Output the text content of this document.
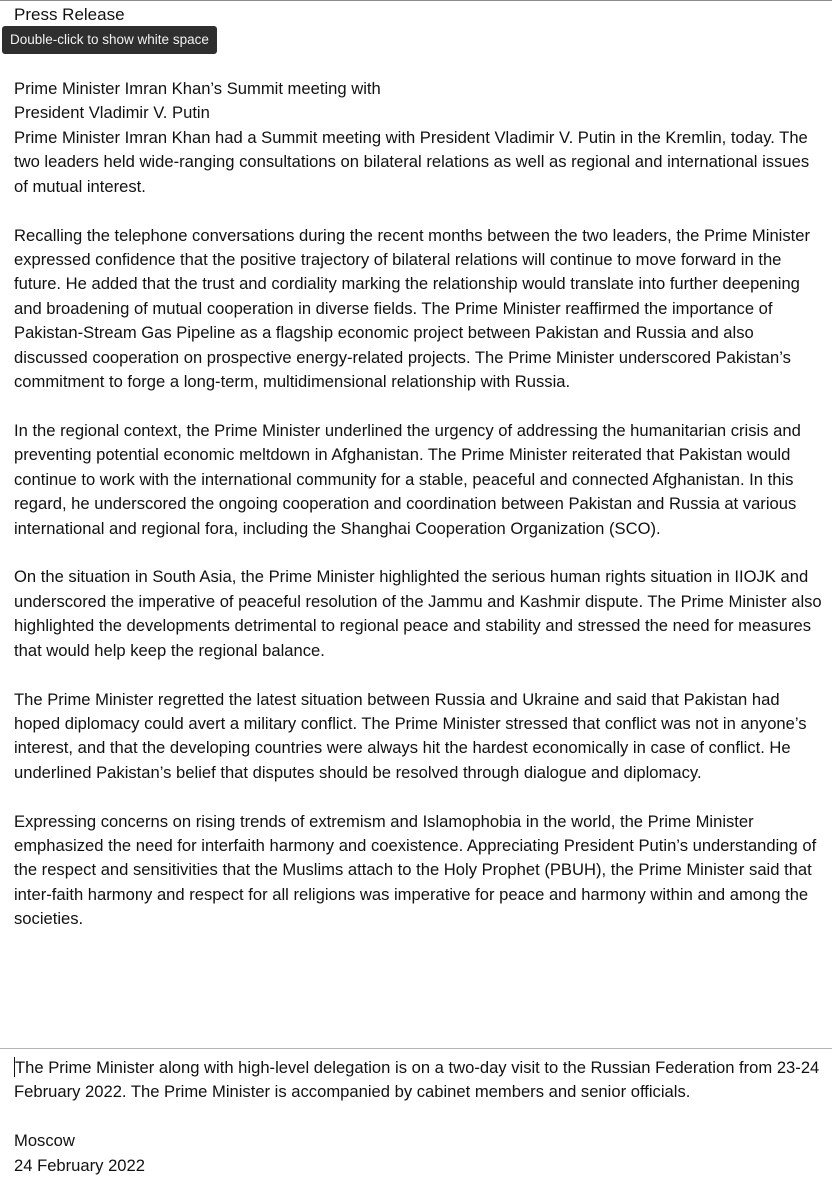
Press Release
Double-click to show white space

Prime Minister Imran Khan’s Summit meeting with

President Vladimir V. Putin

Prime Minister Imran Khan had a Summit meeting with President Vladimir V. Putin in the Kremlin, today. The two leaders held wide-ranging consultations on bilateral relations as well as regional and international issues of mutual interest.

Recalling the telephone conversations during the recent months between the two leaders, the Prime Minister expressed confidence that the positive trajectory of bilateral relations will continue to move forward in the future. He added that the trust and cordiality marking the relationship would translate into further deepening and broadening of mutual cooperation in diverse fields. The Prime Minister reaffirmed the importance of Pakistan-Stream Gas Pipeline as a flagship economic project between Pakistan and Russia and also discussed cooperation on prospective energy-related projects. The Prime Minister underscored Pakistan’s commitment to forge a long-term, multidimensional relationship with Russia.

In the regional context, the Prime Minister underlined the urgency of addressing the humanitarian crisis and preventing potential economic meltdown in Afghanistan. The Prime Minister reiterated that Pakistan would continue to work with the international community for a stable, peaceful and connected Afghanistan. In this regard, he underscored the ongoing cooperation and coordination between Pakistan and Russia at various international and regional fora, including the Shanghai Cooperation Organization (SCO).

On the situation in South Asia, the Prime Minister highlighted the serious human rights situation in IIOJK and underscored the imperative of peaceful resolution of the Jammu and Kashmir dispute. The Prime Minister also highlighted the developments detrimental to regional peace and stability and stressed the need for measures that would help keep the regional balance.

The Prime Minister regretted the latest situation between Russia and Ukraine and said that Pakistan had hoped diplomacy could avert a military conflict. The Prime Minister stressed that conflict was not in anyone’s interest, and that the developing countries were always hit the hardest economically in case of conflict. He underlined Pakistan’s belief that disputes should be resolved through dialogue and diplomacy.

Expressing concerns on rising trends of extremism and Islamophobia in the world, the Prime Minister emphasized the need for interfaith harmony and coexistence. Appreciating President Putin’s understanding of the respect and sensitivities that the Muslims attach to the Holy Prophet (PBUH), the Prime Minister said that inter-faith harmony and respect for all religions was imperative for peace and harmony within and among the societies.

The Prime Minister along with high-level delegation is on a two-day visit to the Russian Federation from 23-24 February 2022. The Prime Minister is accompanied by cabinet members and senior officials.

Moscow

24 February 2022
